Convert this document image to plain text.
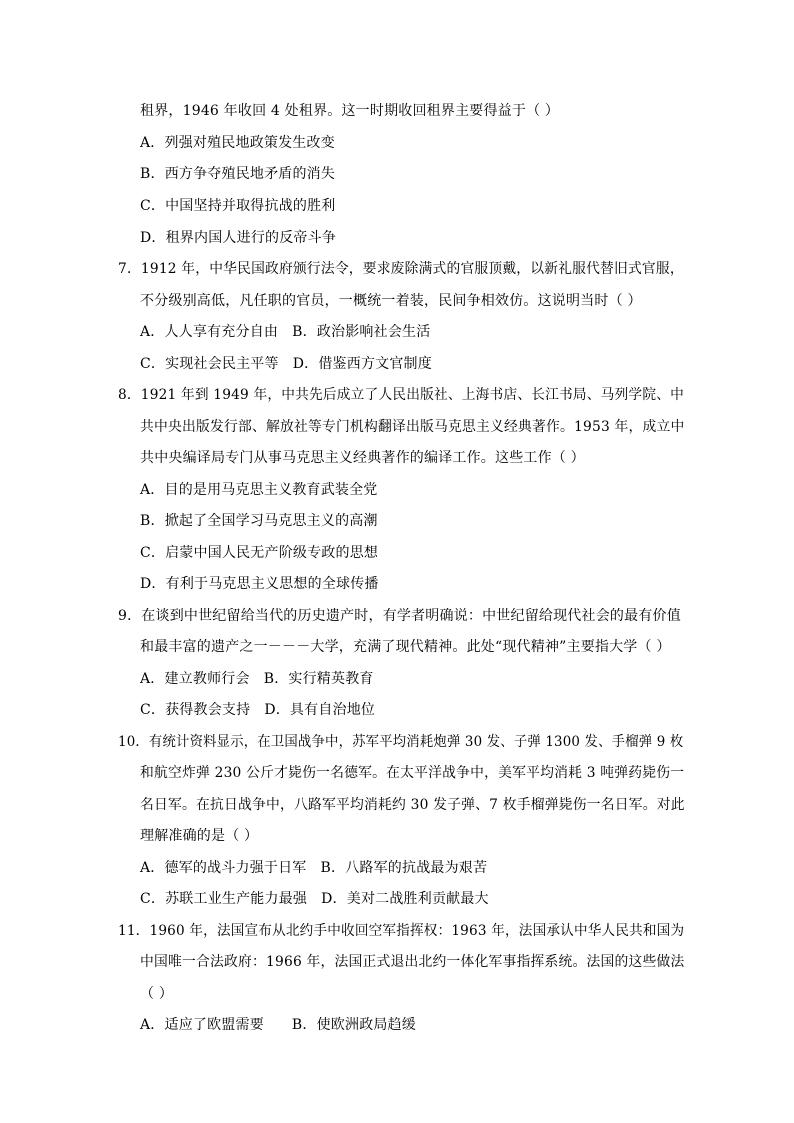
租界，1946 年收回 4 处租界。这一时期收回租界主要得益于（ ）
A．列强对殖民地政策发生改变
B．西方争夺殖民地矛盾的消失
C．中国坚持并取得抗战的胜利
D．租界内国人进行的反帝斗争
7．1912 年，中华民国政府颁行法令，要求废除满式的官服顶戴，以新礼服代替旧式官服，
不分级别高低，凡任职的官员，一概统一着装，民间争相效仿。这说明当时（ ）
A．人人享有充分自由 B．政治影响社会生活
C．实现社会民主平等 D．借鉴西方文官制度
8．1921 年到 1949 年，中共先后成立了人民出版社、上海书店、长江书局、马列学院、中
共中央出版发行部、解放社等专门机构翻译出版马克思主义经典著作。1953 年，成立中
共中央编译局专门从事马克思主义经典著作的编译工作。这些工作（ ）
A．目的是用马克思主义教育武装全党
B．掀起了全国学习马克思主义的高潮
C．启蒙中国人民无产阶级专政的思想
D．有利于马克思主义思想的全球传播
9．在谈到中世纪留给当代的历史遗产时，有学者明确说：中世纪留给现代社会的最有价值
和最丰富的遗产之一－－－大学，充满了现代精神。此处“现代精神”主要指大学（ ）
A．建立教师行会 B．实行精英教育
C．获得教会支持 D．具有自治地位
10．有统计资料显示，在卫国战争中，苏军平均消耗炮弹 30 发、子弹 1300 发、手榴弹 9 枚
和航空炸弹 230 公斤才毙伤一名德军。在太平洋战争中，美军平均消耗 3 吨弹药毙伤一
名日军。在抗日战争中，八路军平均消耗约 30 发子弹、7 枚手榴弹毙伤一名日军。对此
理解准确的是（ ）
A．德军的战斗力强于日军 B．八路军的抗战最为艰苦
C．苏联工业生产能力最强 D．美对二战胜利贡献最大
11．1960 年，法国宣布从北约手中收回空军指挥权：1963 年，法国承认中华人民共和国为
中国唯一合法政府：1966 年，法国正式退出北约一体化军事指挥系统。法国的这些做法
（ ）
A．适应了欧盟需要 B．使欧洲政局趋缓
